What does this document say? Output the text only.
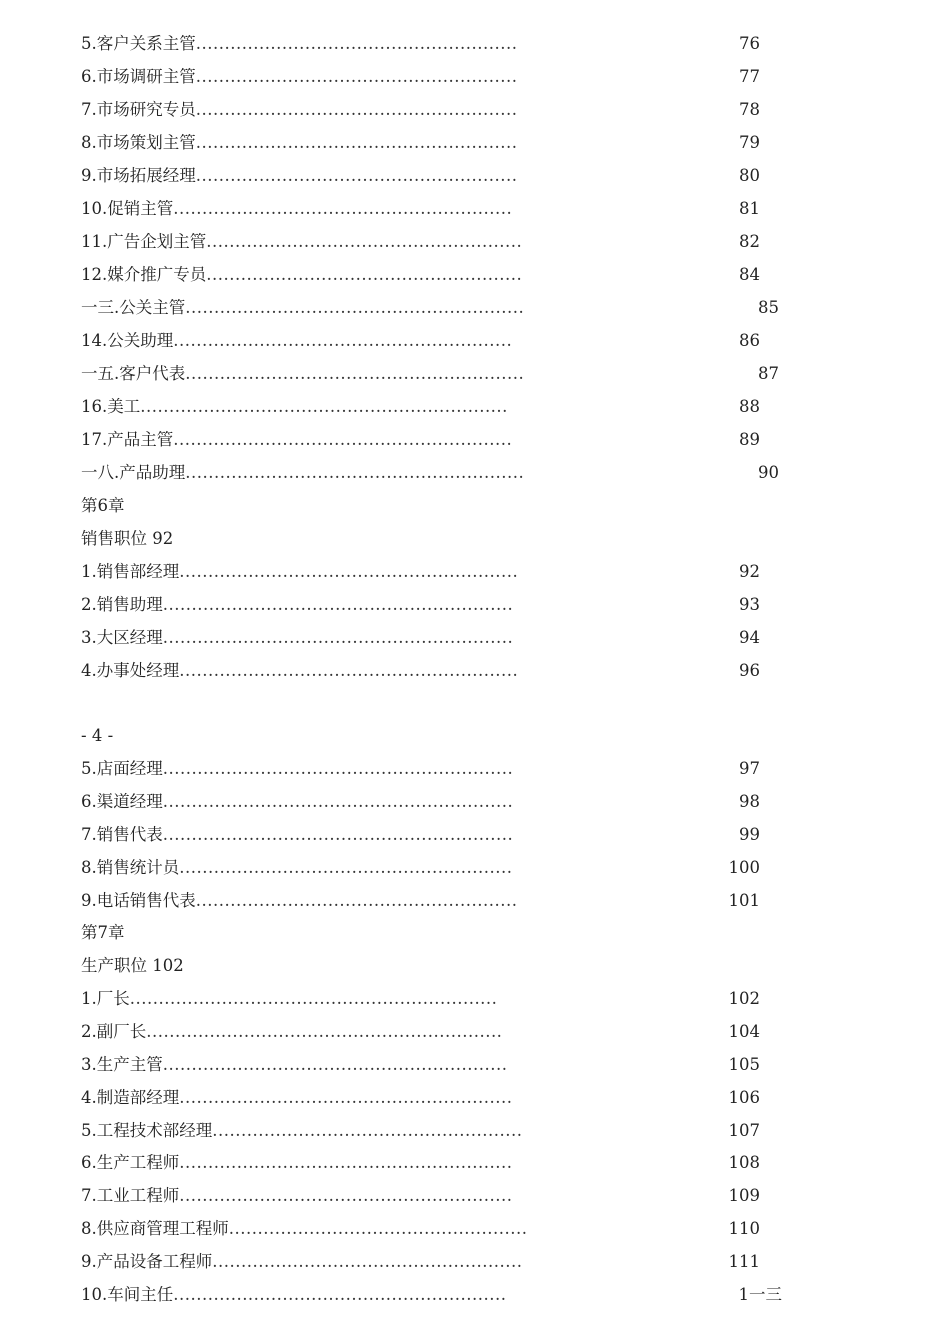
5.客户关系主管........................................................	76
6.市场调研主管........................................................	77
7.市场研究专员........................................................	78
8.市场策划主管........................................................	79
9.市场拓展经理........................................................	80
10.促销主管...........................................................	81
11.广告企划主管.......................................................	82
12.媒介推广专员.......................................................	84
一三.公关主管...........................................................	85
14.公关助理...........................................................	86
一五.客户代表...........................................................	87
16.美工................................................................	88
17.产品主管...........................................................	89
一八.产品助理...........................................................	90
第6章
销售职位 92
1.销售部经理...........................................................	92
2.销售助理.............................................................	93
3.大区经理.............................................................	94
4.办事处经理...........................................................	96
- 4 -
5.店面经理.............................................................	97
6.渠道经理.............................................................	98
7.销售代表.............................................................	99
8.销售统计员..........................................................	100
9.电话销售代表........................................................	101
第7章
生产职位 102
1.厂长................................................................	102
2.副厂长..............................................................	104
3.生产主管............................................................	105
4.制造部经理..........................................................	106
5.工程技术部经理......................................................	107
6.生产工程师..........................................................	108
7.工业工程师..........................................................	109
8.供应商管理工程师....................................................	110
9.产品设备工程师......................................................	111
10.车间主任..........................................................	1一三
